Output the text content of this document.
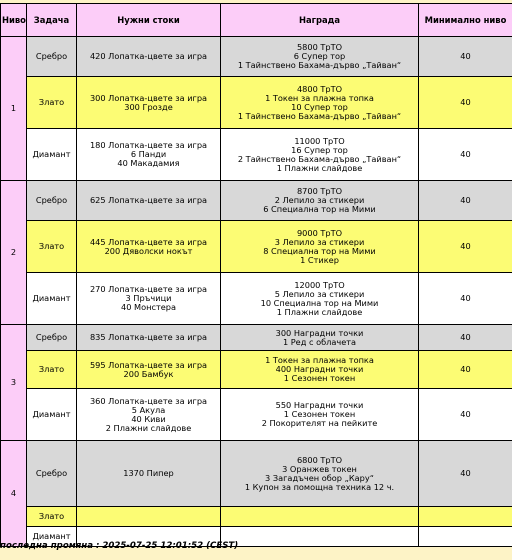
Ниво	Задача	Нужни стоки	Награда	Минимално ниво
1	Сребро	420 Лопатка-цвете за игра	5800 ТрТО
6 Супер тор
1 Тайнствено Бахама-дърво „Тайван“	40
	Злато	300 Лопатка-цвете за игра
300 Грозде	4800 ТрТО
1 Токен за плажна топка
10 Супер тор
1 Тайнствено Бахама-дърво „Тайван“	40
	Диамант	180 Лопатка-цвете за игра
6 Панди
40 Макадамия	11000 ТрТО
16 Супер тор
2 Тайнствено Бахама-дърво „Тайван“
1 Плажни слайдове	40
2	Сребро	625 Лопатка-цвете за игра	8700 ТрТО
2 Лепило за стикери
6 Специална тор на Мими	40
	Злато	445 Лопатка-цвете за игра
200 Дяволски нокът	9000 ТрТО
3 Лепило за стикери
8 Специална тор на Мими
1 Стикер	40
	Диамант	270 Лопатка-цвете за игра
3 Пръчици
40 Монстера	12000 ТрТО
5 Лепило за стикери
10 Специална тор на Мими
1 Плажни слайдове	40
3	Сребро	835 Лопатка-цвете за игра	300 Наградни точки
1 Ред с облачета	40
	Злато	595 Лопатка-цвете за игра
200 Бамбук	1 Токен за плажна топка
400 Наградни точки
1 Сезонен токен	40
	Диамант	360 Лопатка-цвете за игра
5 Акула
40 Киви
2 Плажни слайдове	550 Наградни точки
1 Сезонен токен
2 Покорителят на пейките	40
4	Сребро	1370 Пипер	6800 ТрТО
3 Оранжев токен
3 Загадъчен обор „Кару“
1 Купон за помощна техника 12 ч.	40
	Злато			
	Диамант			
последна промяна : 2025-07-25 12:01:52 (CEST)
